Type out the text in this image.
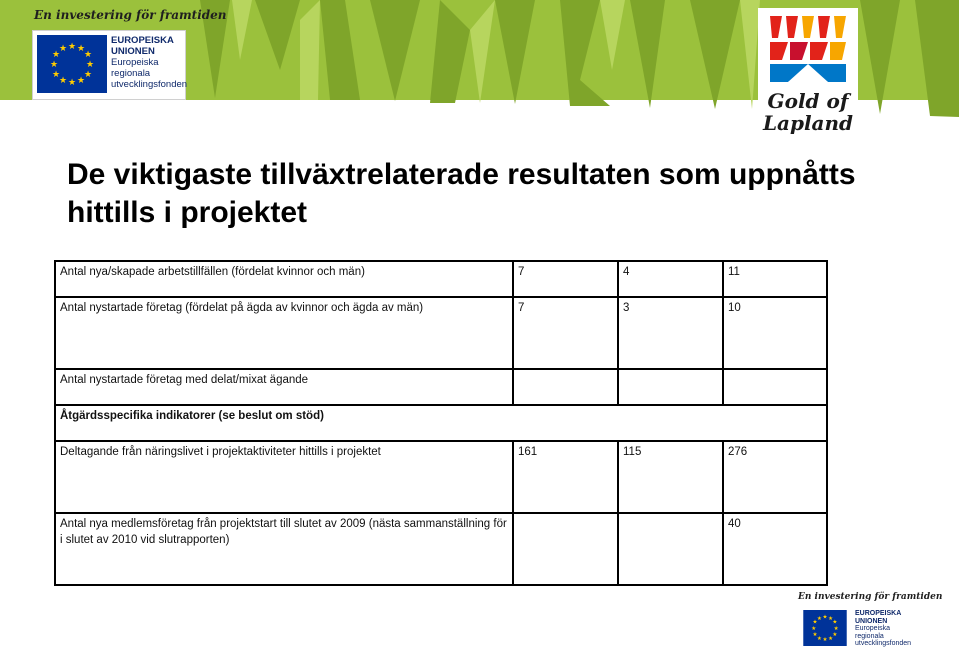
En investering för framtiden

★ ★
★
★
★
★
★
★
★
★
★
★
EUROPEISKA
UNIONEN
Europeiska
regionala
utvecklingsfonden
Gold of
Lapland
De viktigaste tillväxtrelaterade resultaten som uppnåtts hittills i projektet
Antal nya/skapade arbetstillfällen (fördelat kvinnor och män)	7	4	11
Antal nystartade företag (fördelat på ägda av kvinnor och ägda av män)	7	3	10
Antal nystartade företag med delat/mixat ägande			
Åtgärdsspecifika indikatorer (se beslut om stöd)			
Deltagande från näringslivet i projektaktiviteter hittills i projektet	161	115	276
Antal nya medlemsföretag från projektstart till slutet av 2009 (nästa sammanställning för i slutet av 2010 vid slutrapporten)			40

En investering för framtiden

★ ★
★
★
★
★
★
★
★
★
★
★
EUROPEISKA
UNIONEN
Europeiska
regionala
utvecklingsfonden
